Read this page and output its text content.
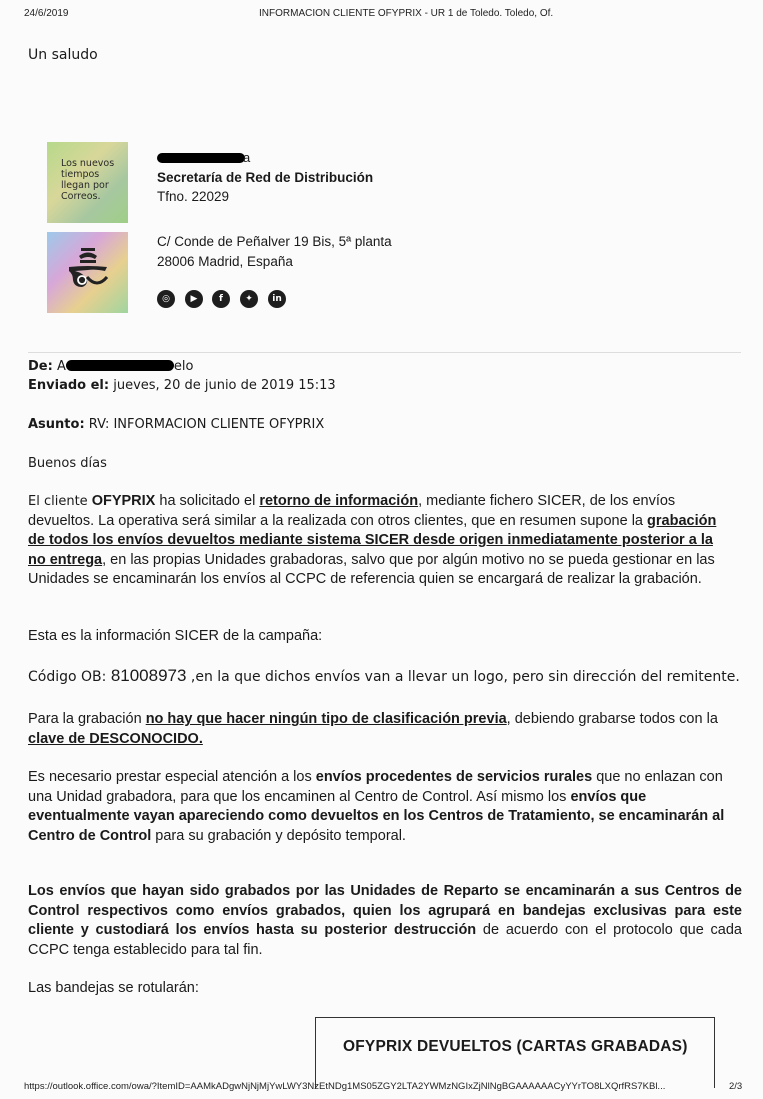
24/6/2019	INFORMACION CLIENTE OFYPRIX - UR 1 de Toledo. Toledo, Of.
Un saludo
Los nuevos tiempos llegan por Correos.
a
Secretaría de Red de Distribución
Tfno. 22029
C/ Conde de Peñalver 19 Bis, 5ª planta
28006 Madrid, España
◎	▶	f	✦	in
De: A	elo
Enviado el: jueves, 20 de junio de 2019 15:13
Asunto: RV: INFORMACION CLIENTE OFYPRIX
Buenos días

El cliente OFYPRIX ha solicitado el retorno de información, mediante fichero SICER, de los envíos devueltos. La operativa será similar a la realizada con otros clientes, que en resumen supone la grabación de todos los envíos devueltos mediante sistema SICER desde origen inmediatamente posterior a la no entrega, en las propias Unidades grabadoras, salvo que por algún motivo no se pueda gestionar en las Unidades se encaminarán los envíos al CCPC de referencia quien se encargará de realizar la grabación.

Esta es la información SICER de la campaña:
Código OB: 81008973 ,en la que dichos envíos van a llevar un logo, pero sin dirección del remitente.

Para la grabación no hay que hacer ningún tipo de clasificación previa, debiendo grabarse todos con la clave de DESCONOCIDO.

Es necesario prestar especial atención a los envíos procedentes de servicios rurales que no enlazan con una Unidad grabadora, para que los encaminen al Centro de Control. Así mismo los envíos que eventualmente vayan apareciendo como devueltos en los Centros de Tratamiento, se encaminarán al Centro de Control para su grabación y depósito temporal.

Los envíos que hayan sido grabados por las Unidades de Reparto se encaminarán a sus Centros de Control respectivos como envíos grabados, quien los agrupará en bandejas exclusivas para este cliente y custodiará los envíos hasta su posterior destrucción de acuerdo con el protocolo que cada CCPC tenga establecido para tal fin.

Las bandejas se rotularán:
OFYPRIX DEVUELTOS (CARTAS GRABADAS)
https://outlook.office.com/owa/?ItemID=AAMkADgwNjNjMjYwLWY3NzEtNDg1MS05ZGY2LTA2YWMzNGIxZjNlNgBGAAAAAACyYYrTO8LXQrfRS7KBl...	2/3
